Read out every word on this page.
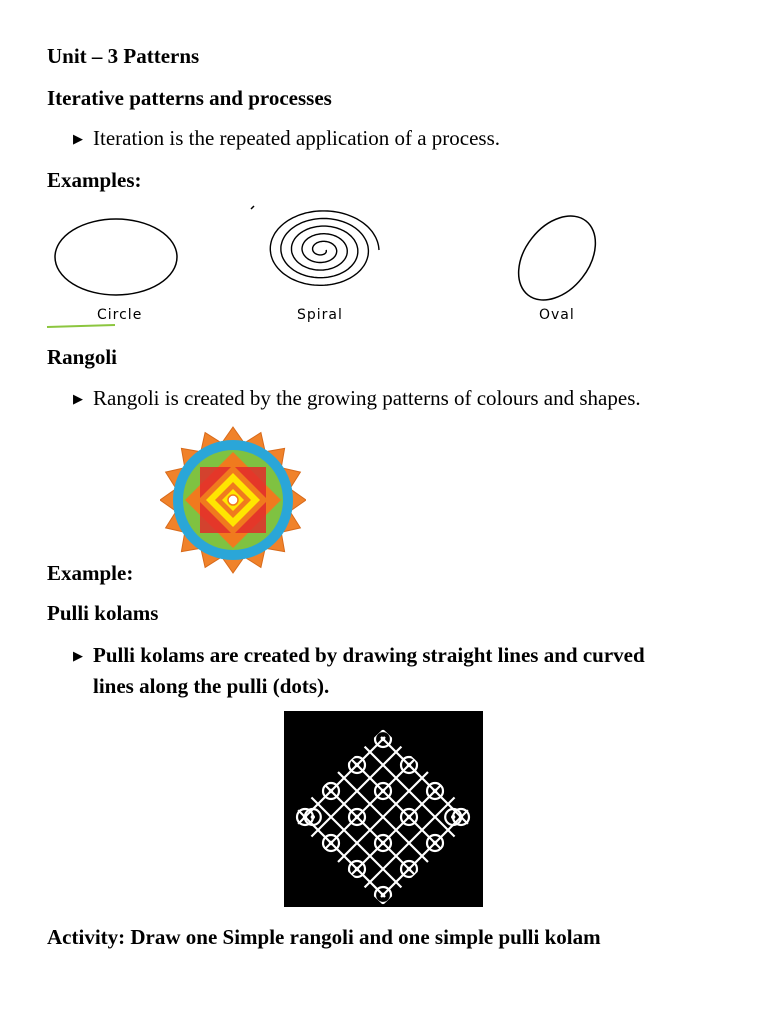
Unit – 3 Patterns
Iterative patterns and processes
▶ Iteration is the repeated application of a process.
Examples:
Circle	Spiral	Oval
Rangoli
▶ Rangoli is created by the growing patterns of colours and shapes.
Example:
Pulli kolams
▶ Pulli kolams are created by drawing straight lines and curved
lines along the pulli (dots).
Activity: Draw one Simple rangoli and one simple pulli kolam
